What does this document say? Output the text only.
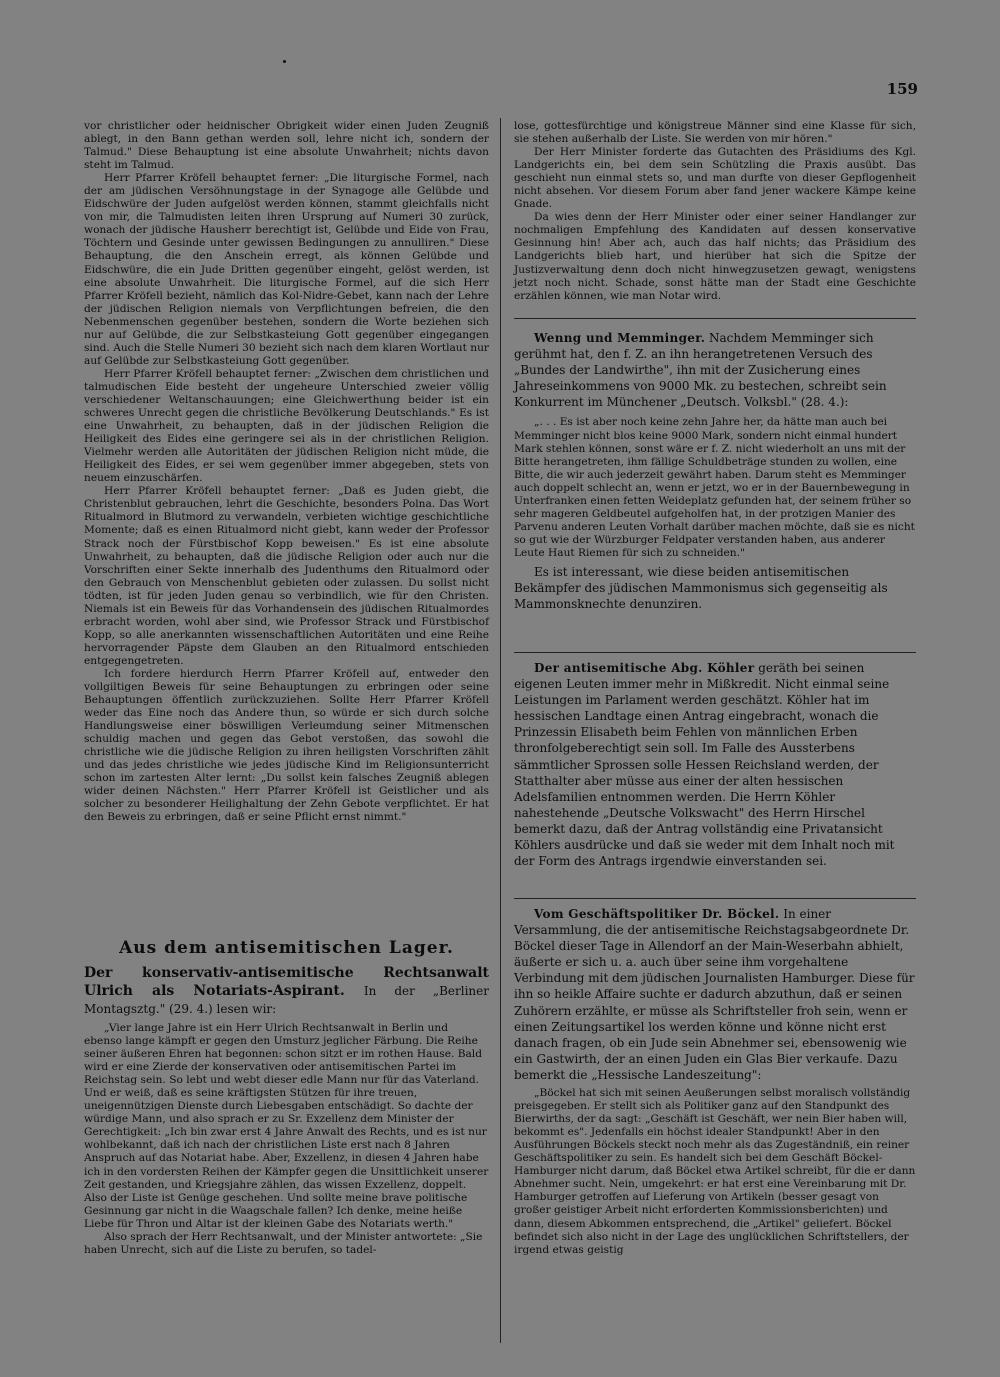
159

vor christlicher oder heidnischer Obrigkeit wider einen Juden Zeugniß ablegt, in den Bann gethan werden soll, lehre nicht ich, sondern der Talmud." Diese Behauptung ist eine absolute Unwahrheit; nichts davon steht im Talmud.

Herr Pfarrer Kröfell behauptet ferner: „Die liturgische Formel, nach der am jüdischen Versöhnungstage in der Synagoge alle Gelübde und Eidschwüre der Juden aufgelöst werden können, stammt gleichfalls nicht von mir, die Talmudisten leiten ihren Ursprung auf Numeri 30 zurück, wonach der jüdische Hausherr berechtigt ist, Gelübde und Eide von Frau, Töchtern und Gesinde unter gewissen Bedingungen zu annulliren." Diese Behauptung, die den Anschein erregt, als können Gelübde und Eidschwüre, die ein Jude Dritten gegenüber eingeht, gelöst werden, ist eine absolute Unwahrheit. Die liturgische Formel, auf die sich Herr Pfarrer Kröfell bezieht, nämlich das Kol-Nidre-Gebet, kann nach der Lehre der jüdischen Religion niemals von Verpflichtungen befreien, die den Nebenmenschen gegenüber bestehen, sondern die Worte beziehen sich nur auf Gelübde, die zur Selbstkasteiung Gott gegenüber eingegangen sind. Auch die Stelle Numeri 30 bezieht sich nach dem klaren Wortlaut nur auf Gelübde zur Selbstkasteiung Gott gegenüber.

Herr Pfarrer Kröfell behauptet ferner: „Zwischen dem christlichen und talmudischen Eide besteht der ungeheure Unterschied zweier völlig verschiedener Weltanschauungen; eine Gleichwerthung beider ist ein schweres Unrecht gegen die christliche Bevölkerung Deutschlands." Es ist eine Unwahrheit, zu behaupten, daß in der jüdischen Religion die Heiligkeit des Eides eine geringere sei als in der christlichen Religion. Vielmehr werden alle Autoritäten der jüdischen Religion nicht müde, die Heiligkeit des Eides, er sei wem gegenüber immer abgegeben, stets von neuem einzuschärfen.

Herr Pfarrer Kröfell behauptet ferner: „Daß es Juden giebt, die Christenblut gebrauchen, lehrt die Geschichte, besonders Polna. Das Wort Ritualmord in Blutmord zu verwandeln, verbieten wichtige geschichtliche Momente; daß es einen Ritualmord nicht giebt, kann weder der Professor Strack noch der Fürstbischof Kopp beweisen." Es ist eine absolute Unwahrheit, zu behaupten, daß die jüdische Religion oder auch nur die Vorschriften einer Sekte innerhalb des Judenthums den Ritualmord oder den Gebrauch von Menschenblut gebieten oder zulassen. Du sollst nicht tödten, ist für jeden Juden genau so verbindlich, wie für den Christen. Niemals ist ein Beweis für das Vorhandensein des jüdischen Ritualmordes erbracht worden, wohl aber sind, wie Professor Strack und Fürstbischof Kopp, so alle anerkannten wissenschaftlichen Autoritäten und eine Reihe hervorragender Päpste dem Glauben an den Ritualmord entschieden entgegengetreten.

Ich fordere hierdurch Herrn Pfarrer Kröfell auf, entweder den vollgiltigen Beweis für seine Behauptungen zu erbringen oder seine Behauptungen öffentlich zurückzuziehen. Sollte Herr Pfarrer Kröfell weder das Eine noch das Andere thun, so würde er sich durch solche Handlungsweise einer böswilligen Verleumdung seiner Mitmenschen schuldig machen und gegen das Gebot verstoßen, das sowohl die christliche wie die jüdische Religion zu ihren heiligsten Vorschriften zählt und das jedes christliche wie jedes jüdische Kind im Religionsunterricht schon im zartesten Alter lernt: „Du sollst kein falsches Zeugniß ablegen wider deinen Nächsten." Herr Pfarrer Kröfell ist Geistlicher und als solcher zu besonderer Heilighaltung der Zehn Gebote verpflichtet. Er hat den Beweis zu erbringen, daß er seine Pflicht ernst nimmt."

Aus dem antisemitischen Lager.
Der konservativ-antisemitische Rechtsanwalt Ulrich als Notariats-Aspirant. In der „Berliner Montagsztg." (29. 4.) lesen wir:

„Vier lange Jahre ist ein Herr Ulrich Rechtsanwalt in Berlin und ebenso lange kämpft er gegen den Umsturz jeglicher Färbung. Die Reihe seiner äußeren Ehren hat begonnen: schon sitzt er im rothen Hause. Bald wird er eine Zierde der konservativen oder antisemitischen Partei im Reichstag sein. So lebt und webt dieser edle Mann nur für das Vaterland. Und er weiß, daß es seine kräftigsten Stützen für ihre treuen, uneigennützigen Dienste durch Liebesgaben entschädigt. So dachte der würdige Mann, und also sprach er zu Sr. Exzellenz dem Minister der Gerechtigkeit: „Ich bin zwar erst 4 Jahre Anwalt des Rechts, und es ist nur wohlbekannt, daß ich nach der christlichen Liste erst nach 8 Jahren Anspruch auf das Notariat habe. Aber, Exzellenz, in diesen 4 Jahren habe ich in den vordersten Reihen der Kämpfer gegen die Unsittlichkeit unserer Zeit gestanden, und Kriegsjahre zählen, das wissen Exzellenz, doppelt. Also der Liste ist Genüge geschehen. Und sollte meine brave politische Gesinnung gar nicht in die Waagschale fallen? Ich denke, meine heiße Liebe für Thron und Altar ist der kleinen Gabe des Notariats werth."

Also sprach der Herr Rechtsanwalt, und der Minister antwortete: „Sie haben Unrecht, sich auf die Liste zu berufen, so tadel-

lose, gottesfürchtige und königstreue Männer sind eine Klasse für sich, sie stehen außerhalb der Liste. Sie werden von mir hören."

Der Herr Minister forderte das Gutachten des Präsidiums des Kgl. Landgerichts ein, bei dem sein Schützling die Praxis ausübt. Das geschieht nun einmal stets so, und man durfte von dieser Gepflogenheit nicht absehen. Vor diesem Forum aber fand jener wackere Kämpe keine Gnade.

Da wies denn der Herr Minister oder einer seiner Handlanger zur nochmaligen Empfehlung des Kandidaten auf dessen konservative Gesinnung hin! Aber ach, auch das half nichts; das Präsidium des Landgerichts blieb hart, und hierüber hat sich die Spitze der Justizverwaltung denn doch nicht hinwegzusetzen gewagt, wenigstens jetzt noch nicht. Schade, sonst hätte man der Stadt eine Geschichte erzählen können, wie man Notar wird.

Wenng und Memminger. Nachdem Memminger sich gerühmt hat, den f. Z. an ihn herangetretenen Versuch des „Bundes der Landwirthe", ihn mit der Zusicherung eines Jahreseinkommens von 9000 Mk. zu bestechen, schreibt sein Konkurrent im Münchener „Deutsch. Volksbl." (28. 4.):

„. . . Es ist aber noch keine zehn Jahre her, da hätte man auch bei Memminger nicht blos keine 9000 Mark, sondern nicht einmal hundert Mark stehlen können, sonst wäre er f. Z. nicht wiederholt an uns mit der Bitte herangetreten, ihm fällige Schuldbeträge stunden zu wollen, eine Bitte, die wir auch jederzeit gewährt haben. Darum steht es Memminger auch doppelt schlecht an, wenn er jetzt, wo er in der Bauernbewegung in Unterfranken einen fetten Weideplatz gefunden hat, der seinem früher so sehr mageren Geldbeutel aufgeholfen hat, in der protzigen Manier des Parvenu anderen Leuten Vorhalt darüber machen möchte, daß sie es nicht so gut wie der Würzburger Feldpater verstanden haben, aus anderer Leute Haut Riemen für sich zu schneiden."

Es ist interessant, wie diese beiden antisemitischen Bekämpfer des jüdischen Mammonismus sich gegenseitig als Mammonsknechte denunziren.

Der antisemitische Abg. Köhler geräth bei seinen eigenen Leuten immer mehr in Mißkredit. Nicht einmal seine Leistungen im Parlament werden geschätzt. Köhler hat im hessischen Landtage einen Antrag eingebracht, wonach die Prinzessin Elisabeth beim Fehlen von männlichen Erben thronfolgeberechtigt sein soll. Im Falle des Aussterbens sämmtlicher Sprossen solle Hessen Reichsland werden, der Statthalter aber müsse aus einer der alten hessischen Adelsfamilien entnommen werden. Die Herrn Köhler nahestehende „Deutsche Volkswacht" des Herrn Hirschel bemerkt dazu, daß der Antrag vollständig eine Privatansicht Köhlers ausdrücke und daß sie weder mit dem Inhalt noch mit der Form des Antrags irgendwie einverstanden sei.

Vom Geschäftspolitiker Dr. Böckel. In einer Versammlung, die der antisemitische Reichstagsabgeordnete Dr. Böckel dieser Tage in Allendorf an der Main-Weserbahn abhielt, äußerte er sich u. a. auch über seine ihm vorgehaltene Verbindung mit dem jüdischen Journalisten Hamburger. Diese für ihn so heikle Affaire suchte er dadurch abzuthun, daß er seinen Zuhörern erzählte, er müsse als Schriftsteller froh sein, wenn er einen Zeitungsartikel los werden könne und könne nicht erst danach fragen, ob ein Jude sein Abnehmer sei, ebensowenig wie ein Gastwirth, der an einen Juden ein Glas Bier verkaufe. Dazu bemerkt die „Hessische Landeszeitung":

„Böckel hat sich mit seinen Aeußerungen selbst moralisch vollständig preisgegeben. Er stellt sich als Politiker ganz auf den Standpunkt des Bierwirths, der da sagt: „Geschäft ist Geschäft, wer nein Bier haben will, bekommt es". Jedenfalls ein höchst idealer Standpunkt! Aber in den Ausführungen Böckels steckt noch mehr als das Zugeständniß, ein reiner Geschäftspolitiker zu sein. Es handelt sich bei dem Geschäft Böckel-Hamburger nicht darum, daß Böckel etwa Artikel schreibt, für die er dann Abnehmer sucht. Nein, umgekehrt: er hat erst eine Vereinbarung mit Dr. Hamburger getroffen auf Lieferung von Artikeln (besser gesagt von großer geistiger Arbeit nicht erforderten Kommissionsberichten) und dann, diesem Abkommen entsprechend, die „Artikel" geliefert. Böckel befindet sich also nicht in der Lage des unglücklichen Schriftstellers, der irgend etwas geistig
